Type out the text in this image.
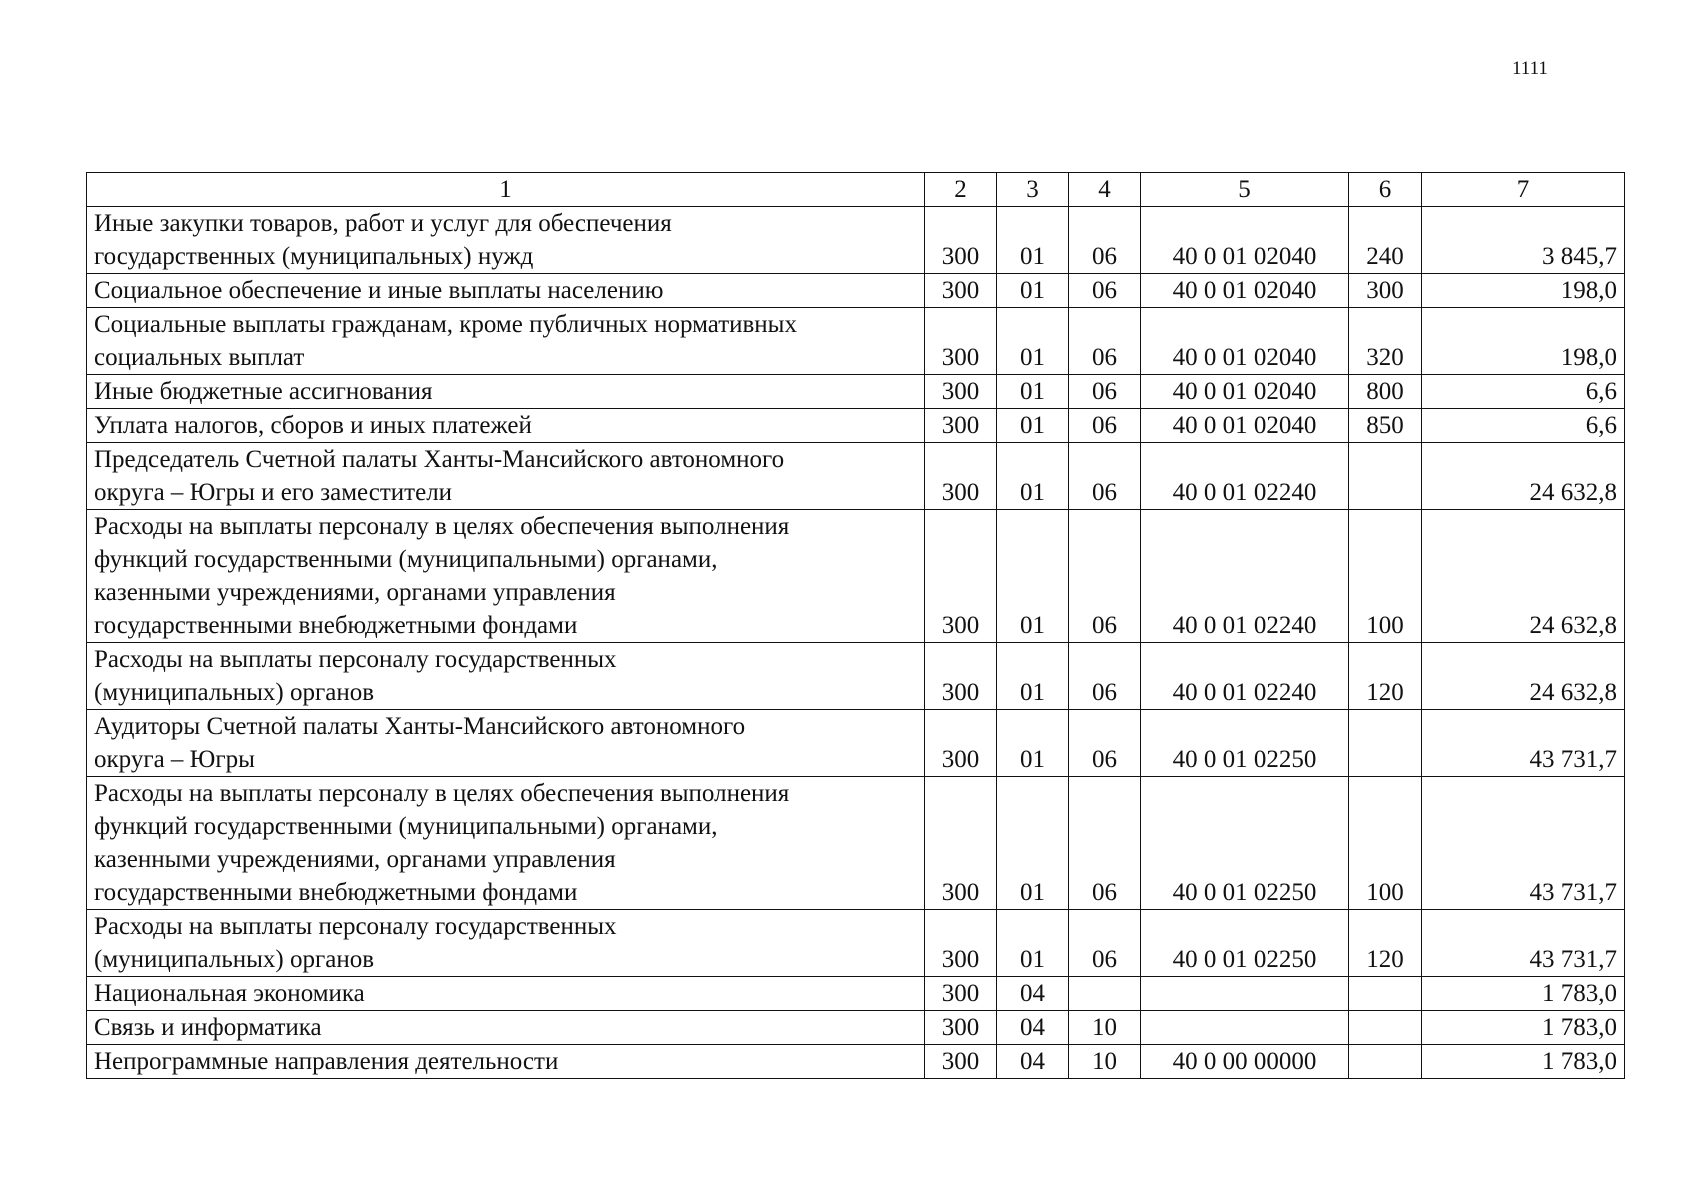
1111
1	2	3	4	5	6	7
Иные закупки товаров, работ и услуг для обеспечения
государственных (муниципальных) нужд	300	01	06	40 0 01 02040	240	3 845,7
Социальное обеспечение и иные выплаты населению	300	01	06	40 0 01 02040	300	198,0
Социальные выплаты гражданам, кроме публичных нормативных
социальных выплат	300	01	06	40 0 01 02040	320	198,0
Иные бюджетные ассигнования	300	01	06	40 0 01 02040	800	6,6
Уплата налогов, сборов и иных платежей	300	01	06	40 0 01 02040	850	6,6
Председатель Счетной палаты Ханты-Мансийского автономного
округа – Югры и его заместители	300	01	06	40 0 01 02240		24 632,8
Расходы на выплаты персоналу в целях обеспечения выполнения
функций государственными (муниципальными) органами,
казенными учреждениями, органами управления
государственными внебюджетными фондами	300	01	06	40 0 01 02240	100	24 632,8
Расходы на выплаты персоналу государственных
(муниципальных) органов	300	01	06	40 0 01 02240	120	24 632,8
Аудиторы Счетной палаты Ханты-Мансийского автономного
округа – Югры	300	01	06	40 0 01 02250		43 731,7
Расходы на выплаты персоналу в целях обеспечения выполнения
функций государственными (муниципальными) органами,
казенными учреждениями, органами управления
государственными внебюджетными фондами	300	01	06	40 0 01 02250	100	43 731,7
Расходы на выплаты персоналу государственных
(муниципальных) органов	300	01	06	40 0 01 02250	120	43 731,7
Национальная экономика	300	04				1 783,0
Связь и информатика	300	04	10			1 783,0
Непрограммные направления деятельности	300	04	10	40 0 00 00000		1 783,0
